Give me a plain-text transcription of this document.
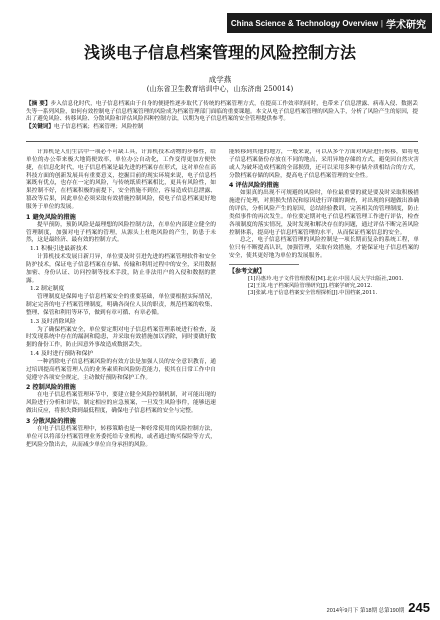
China Science & Technology Overview | 学术研究
浅谈电子信息档案管理的风险控制方法
成学燕
(山东省卫生教育培训中心，山东济南 250014)
【摘 要】步入信息化时代，电子信息档案由于自身的便捷性逐步取代了传统的档案管理方式，在提高工作效率的同时，也带来了信息泄露、病毒入侵、数据丢失等一系列风险，如何有效控制电子信息档案管理的风险成为档案管理部门面临的重要课题。本文从电子信息档案管理的风险入手，分析了风险产生的原因，提出了避免风险、转移风险、分散风险和评估风险四种控制方法，以期为电子信息档案的安全管理提供参考。
【关键词】电子信息档案；档案管理；风险控制

计算机是人们生活中一项必不可缺工具，计算机技术动物的步移性，给单位的办公带来极大地简便效率，单位办公自动化，工作变得更加方便快捷，在信息化时代，电子信息档案是最先进的档案存在形式，这对单位在高科技方面的创新发展具有重要意义，挖掘目前的现实环境来说，电子信息档案既有优点，也存在一定的风险，与传统纸质档案相比，更具有风险性，如果控制不好，在档案积极的前提下，安全措施不到位，容易造成信息泄露、篡改等后果，因此单位必须采取有效措施控制风险，使电子信息档案更好地服务于单位的发展。

1 避免风险的措施

提早预防，预防风险是最理想的风险控制方法，在单位内部建立健全的管理制度，加强对电子档案的管理，从源头上杜绝风险的产生，防患于未然，这是最经济、最有效的控制方式。

1.1 积极引进最新技术

计算机技术发展日新月异，单位要及时引进先进的档案管理软件和安全防护技术，保证电子信息档案在存储、传输和利用过程中的安全，采用数据加密、身份认证、访问控制等技术手段，防止非法用户的入侵和数据的泄露。

1.2 制定制度

管理制度是保障电子信息档案安全的重要基础，单位要根据实际情况，制定完善的电子档案管理制度，明确各岗位人员的职责，规范档案的收集、整理、保管和利用等环节，做到有章可循、有章必循。

1.3 及时消除风险

为了确保档案安全，单位要定期对电子信息档案管理系统进行检查，及时发现系统中存在的漏洞和隐患，并采取有效措施加以消除，同时要做好数据的备份工作，防止因意外事故造成数据丢失。

1.4 及时进行预防和保护

一种消除电子信息档案风险的有效方法是加强人员的安全意识教育，通过培训提高档案管理人员的业务素质和风险防范能力，使其在日常工作中自觉遵守各项安全规定，主动做好预防和保护工作。

2 控制风险的措施

在电子信息档案管理环节中，要建立健全风险控制机制，对可能出现的风险进行分析和评估，制定相应的应急预案，一旦发生风险事件，能够迅速做出反应，将损失降到最低程度，确保电子信息档案的安全与完整。

3 分散风险的措施

在电子信息档案管理中，转移策略也是一种经常使用的风险控制方法，单位可以将部分档案管理业务委托给专业机构，或者通过购买保险等方式，把风险分散出去，从而减少单位自身承担的风险。

能转移到其他的地方，一般来说，可以从多个方面对风险进行转移，如将电子信息档案备份存放在不同的地点，采用异地存储的方式，避免因自然灾害或人为破坏造成档案的全部损毁，还可以采用多种存储介质相结合的方式，分散档案存储的风险，提高电子信息档案管理的安全性。

4 评估风险的措施

如果真的出现不可规避的风险时，单位最重要的就是要及时采取积极措施进行处理，对照损失情况和原因进行详细的调查，对出现的问题做出准确的评估，分析风险产生的原因，总结经验教训，完善相关的管理制度，防止类似事件的再次发生。单位要定期对电子信息档案管理工作进行评估，检查各项制度的落实情况，及时发现和解决存在的问题，通过评估不断完善风险控制体系，提高电子信息档案管理的水平，从而保证档案信息的安全。

总之，电子信息档案管理的风险控制是一项长期而复杂的系统工程，单位只有不断提高认识，加强管理，采取有效措施，才能保证电子信息档案的安全，使其更好地为单位的发展服务。

【参考文献】

[1]冯惠玲.电子文件管理教程[M].北京:中国人民大学出版社,2001.

[2]王岚.电子档案风险管理研究[J].档案学研究,2012.

[3]张斌.电子信息档案安全管理探析[J].中国档案,2011.

2014年9月下 第18期 总第190期 245
